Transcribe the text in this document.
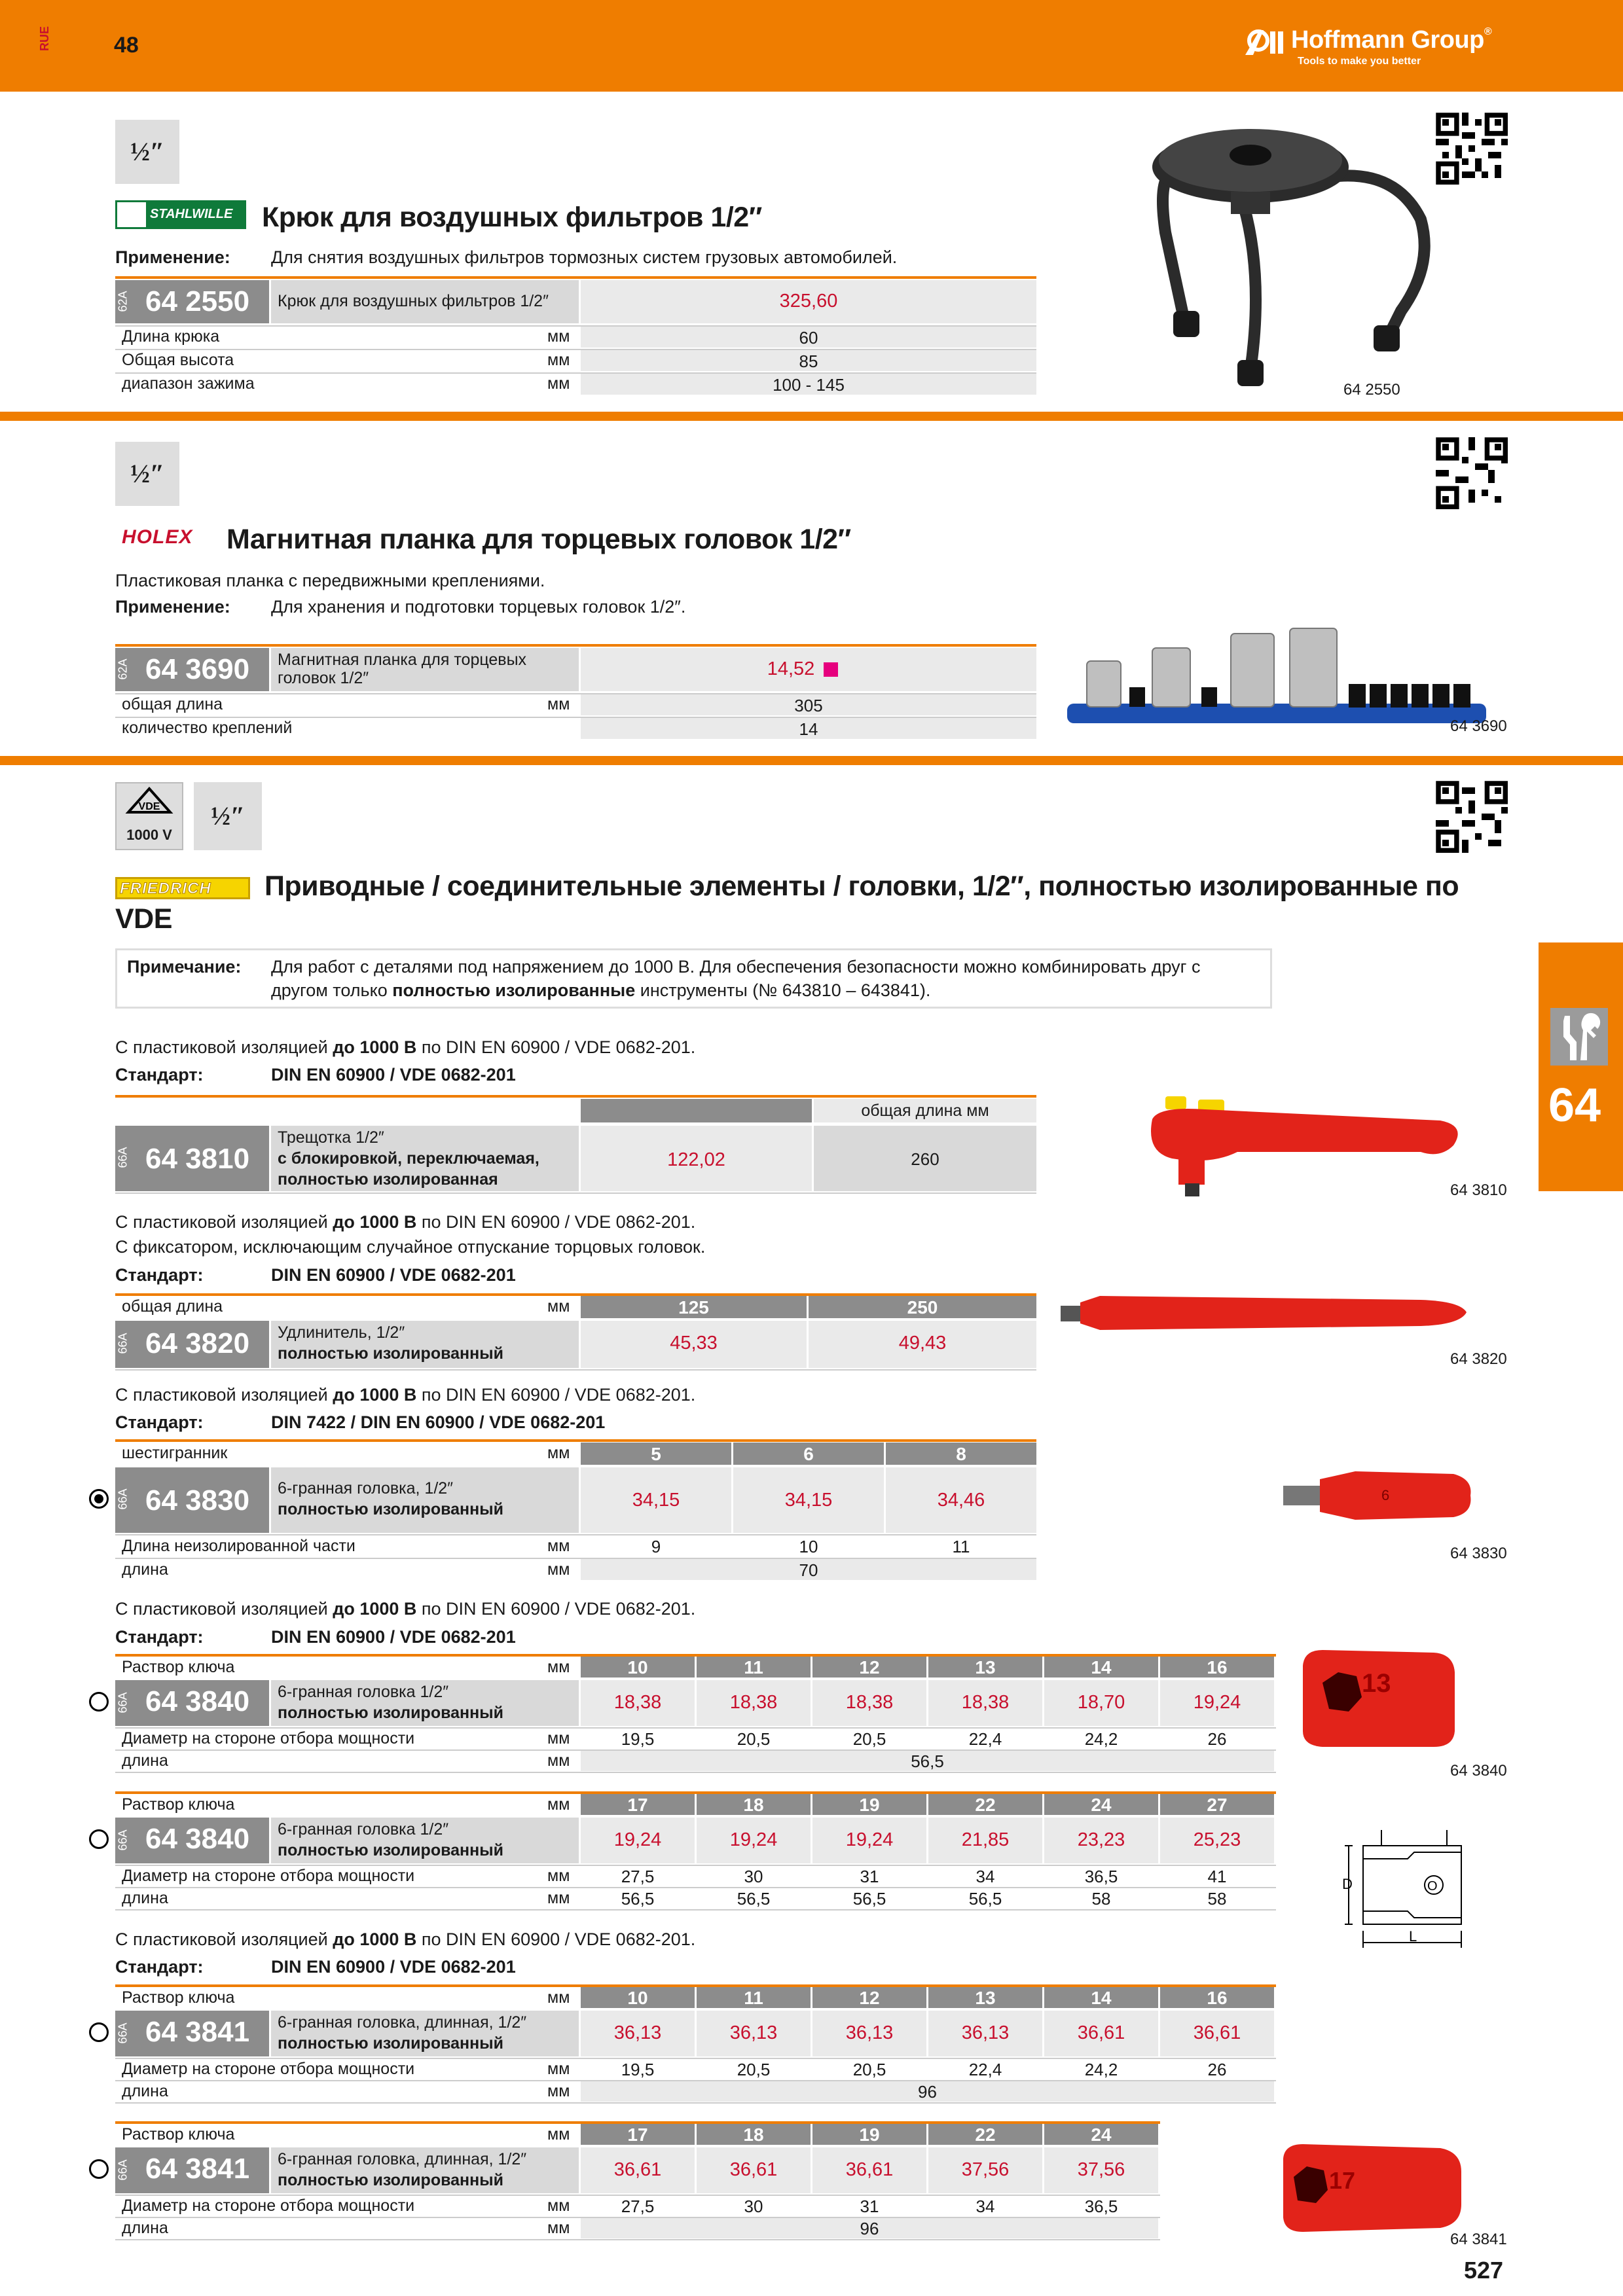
RUE	48	Hoffmann Group®
Tools to make you better
½″
STAHLWILLE Крюк для воздушных фильтров 1/2″
Применение: Для снятия воздушных фильтров тормозных систем грузовых автомобилей.
62A 64 2550 Крюк для воздушных фильтров 1/2″	325,60
Длина крюка	мм	60
Общая высота	мм	85
диапазон зажима	мм	100 - 145	64 2550
½″
HOLEX Магнитная планка для торцевых головок 1/2″
Пластиковая планка с передвижными креплениями.
Применение: Для хранения и подготовки торцевых головок 1/2″.
62A 64 3690 Магнитная планка для торцевых головок 1/2″	14,52
общая длина	мм	305
количество креплений	14	64 3690
VDE
1000 V
½″
FRIEDRICH Приводные / соединительные элементы / головки, 1/2″, полностью изолированные по
VDE
Примечание: Для работ с деталями под напряжением до 1000 В. Для обеспечения безопасности можно комбинировать друг с
другом только полностью изолированные инструменты (№ 643810 – 643841).
64
С пластиковой изоляцией до 1000 В по DIN EN 60900 / VDE 0682-201.
Стандарт:	DIN EN 60900 / VDE 0682-201
общая длина мм
66A 64 3810
Трещотка 1/2″
с блокировкой, переключаемая,
полностью изолированная
122,02	260
64 3810
С пластиковой изоляцией до 1000 В по DIN EN 60900 / VDE 0862-201.
С фиксатором, исключающим случайное отпускание торцовых головок.
Стандарт:	DIN EN 60900 / VDE 0682-201
общая длина	мм	125	250
66A 64 3820 Удлинитель, 1/2″
полностью изолированный	45,33	49,43
64 3820
С пластиковой изоляцией до 1000 В по DIN EN 60900 / VDE 0682-201.
Стандарт:	DIN 7422 / DIN EN 60900 / VDE 0682-201
шестигранник	мм	5	6	8
66A 64 3830 6-гранная головка, 1/2″
полностью изолированный	34,15	34,15	34,46
Длина неизолированной части	мм	9	10	11
длина	мм	70
6
64 3830
С пластиковой изоляцией до 1000 В по DIN EN 60900 / VDE 0682-201.
Стандарт:	DIN EN 60900 / VDE 0682-201
С пластиковой изоляцией до 1000 В по DIN EN 60900 / VDE 0682-201.
Стандарт:	DIN EN 60900 / VDE 0682-201
13
64 3840
D
L
O
17
64 3841
527
Раствор ключа	мм	10	11	12	13	14	16
66A 64 3840 6-гранная головка 1/2″
полностью изолированный	18,38	18,38	18,38	18,38	18,70	19,24
Диаметр на стороне отбора мощности	мм	19,5	20,5	20,5	22,4	24,2	26
длина	мм	56,5
Раствор ключа	мм	17	18	19	22	24	27
66A 64 3840 6-гранная головка 1/2″
полностью изолированный	19,24	19,24	19,24	21,85	23,23	25,23
Диаметр на стороне отбора мощности	мм	27,5	30	31	34	36,5	41
длина	мм	56,5	56,5	56,5	56,5	58	58
Раствор ключа	мм	10	11	12	13	14	16
66A 64 3841 6-гранная головка, длинная, 1/2″
полностью изолированный	36,13	36,13	36,13	36,13	36,61	36,61
Диаметр на стороне отбора мощности	мм	19,5	20,5	20,5	22,4	24,2	26
длина	мм	96
Раствор ключа	мм	17	18	19	22	24
66A 64 3841 6-гранная головка, длинная, 1/2″
полностью изолированный	36,61	36,61	36,61	37,56	37,56
Диаметр на стороне отбора мощности	мм	27,5	30	31	34	36,5
длина	мм	96
